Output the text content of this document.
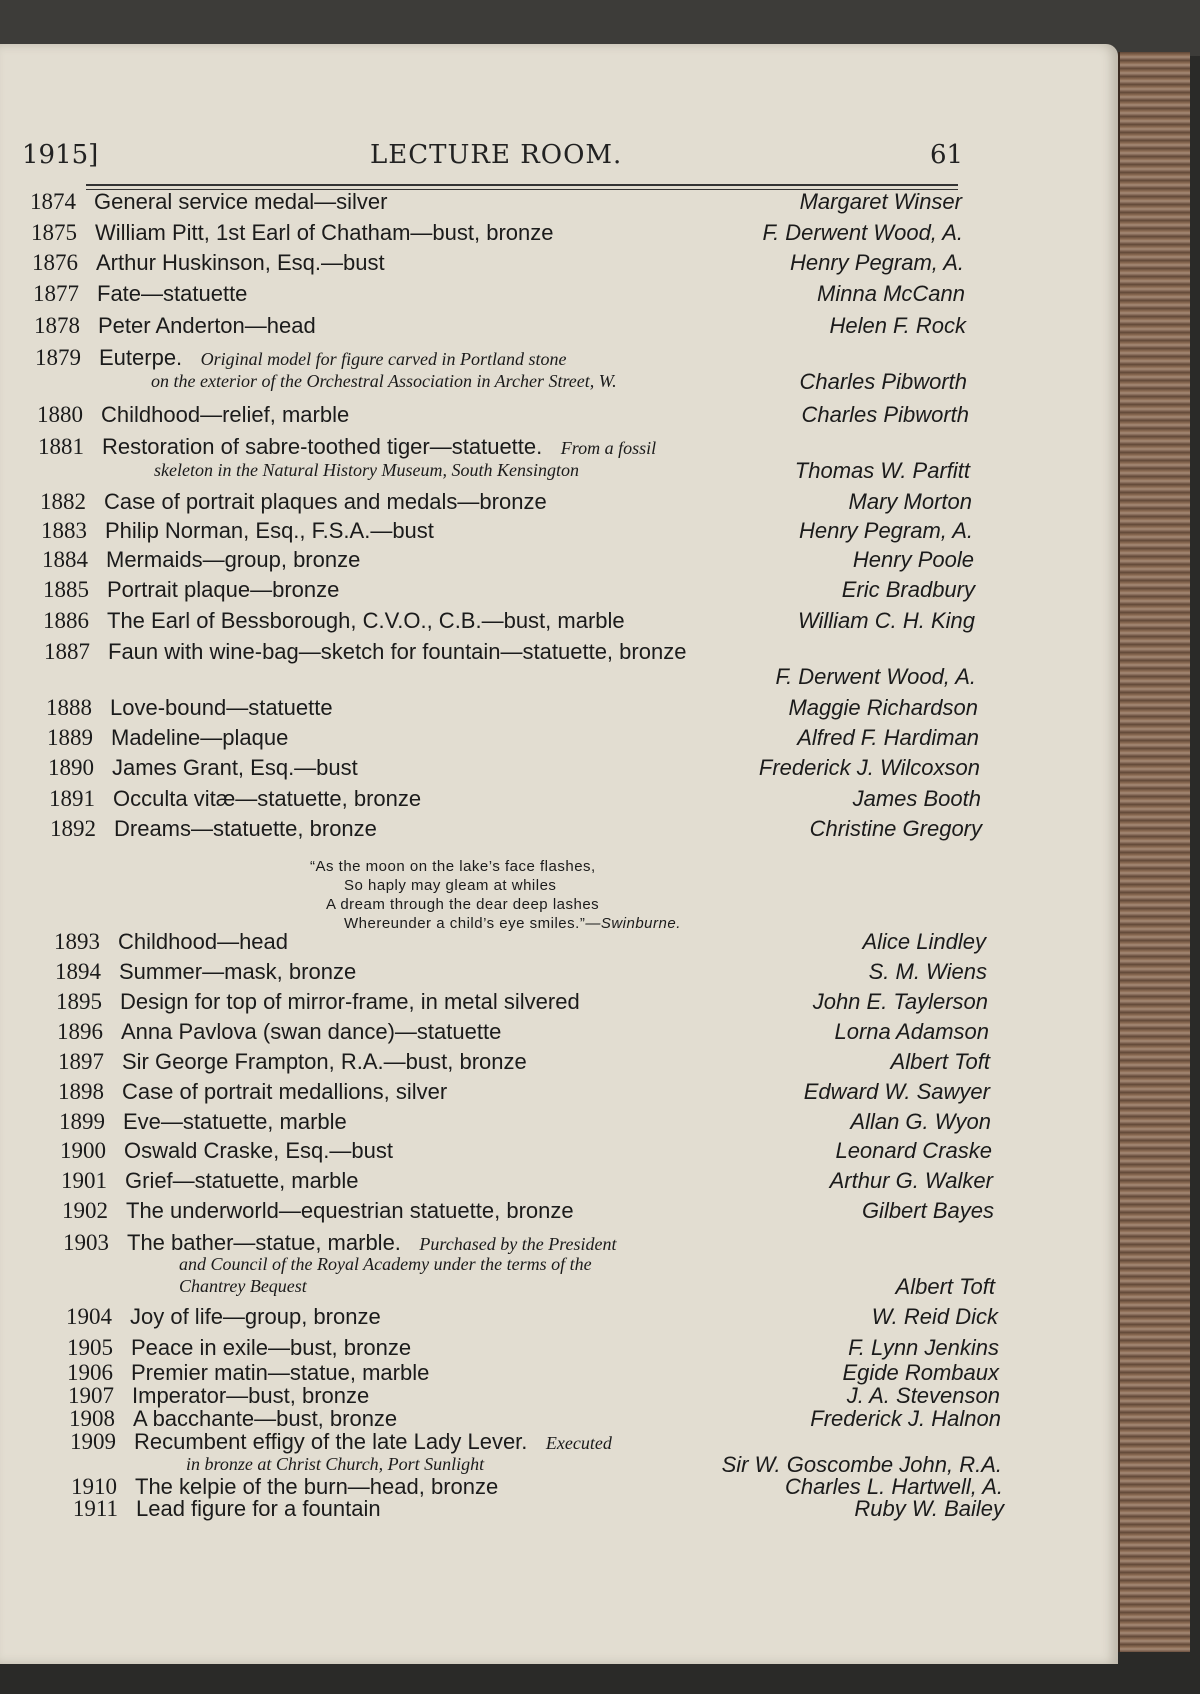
1915]	LECTURE ROOM.	61
1874 General service medal—silver	Margaret Winser
1875 William Pitt, 1st Earl of Chatham—bust, bronze	F. Derwent Wood, A.
1876 Arthur Huskinson, Esq.—bust	Henry Pegram, A.
1877 Fate—statuette	Minna McCann
1878 Peter Anderton—head	Helen F. Rock
1879 Euterpe. Original model for figure carved in Portland stone
on the exterior of the Orchestral Association in Archer Street, W.	Charles Pibworth
1880 Childhood—relief, marble	Charles Pibworth
1881 Restoration of sabre-toothed tiger—statuette. From a fossil
skeleton in the Natural History Museum, South Kensington	Thomas W. Parfitt
1882 Case of portrait plaques and medals—bronze	Mary Morton
1883 Philip Norman, Esq., F.S.A.—bust	Henry Pegram, A.
1884 Mermaids—group, bronze	Henry Poole
1885 Portrait plaque—bronze	Eric Bradbury
1886 The Earl of Bessborough, C.V.O., C.B.—bust, marble	William C. H. King
1887 Faun with wine-bag—sketch for fountain—statuette, bronze
F. Derwent Wood, A.
1888 Love-bound—statuette	Maggie Richardson
1889 Madeline—plaque	Alfred F. Hardiman
1890 James Grant, Esq.—bust	Frederick J. Wilcoxson
1891 Occulta vitæ—statuette, bronze	James Booth
1892 Dreams—statuette, bronze	Christine Gregory
1893 Childhood—head	Alice Lindley
1894 Summer—mask, bronze	S. M. Wiens
1895 Design for top of mirror-frame, in metal silvered	John E. Taylerson
1896 Anna Pavlova (swan dance)—statuette	Lorna Adamson
1897 Sir George Frampton, R.A.—bust, bronze	Albert Toft
1898 Case of portrait medallions, silver	Edward W. Sawyer
1899 Eve—statuette, marble	Allan G. Wyon
1900 Oswald Craske, Esq.—bust	Leonard Craske
1901 Grief—statuette, marble	Arthur G. Walker
1902 The underworld—equestrian statuette, bronze	Gilbert Bayes
1903 The bather—statue, marble. Purchased by the President
and Council of the Royal Academy under the terms of the
Chantrey Bequest	Albert Toft
1904 Joy of life—group, bronze	W. Reid Dick
1905 Peace in exile—bust, bronze	F. Lynn Jenkins
1906 Premier matin—statue, marble	Egide Rombaux
1907 Imperator—bust, bronze	J. A. Stevenson
1908 A bacchante—bust, bronze	Frederick J. Halnon
1909 Recumbent effigy of the late Lady Lever. Executed
in bronze at Christ Church, Port Sunlight	Sir W. Goscombe John, R.A.
1910 The kelpie of the burn—head, bronze	Charles L. Hartwell, A.
1911 Lead figure for a fountain	Ruby W. Bailey
“As the moon on the lake’s face flashes,
So haply may gleam at whiles
A dream through the dear deep lashes
Whereunder a child’s eye smiles.”—Swinburne.
